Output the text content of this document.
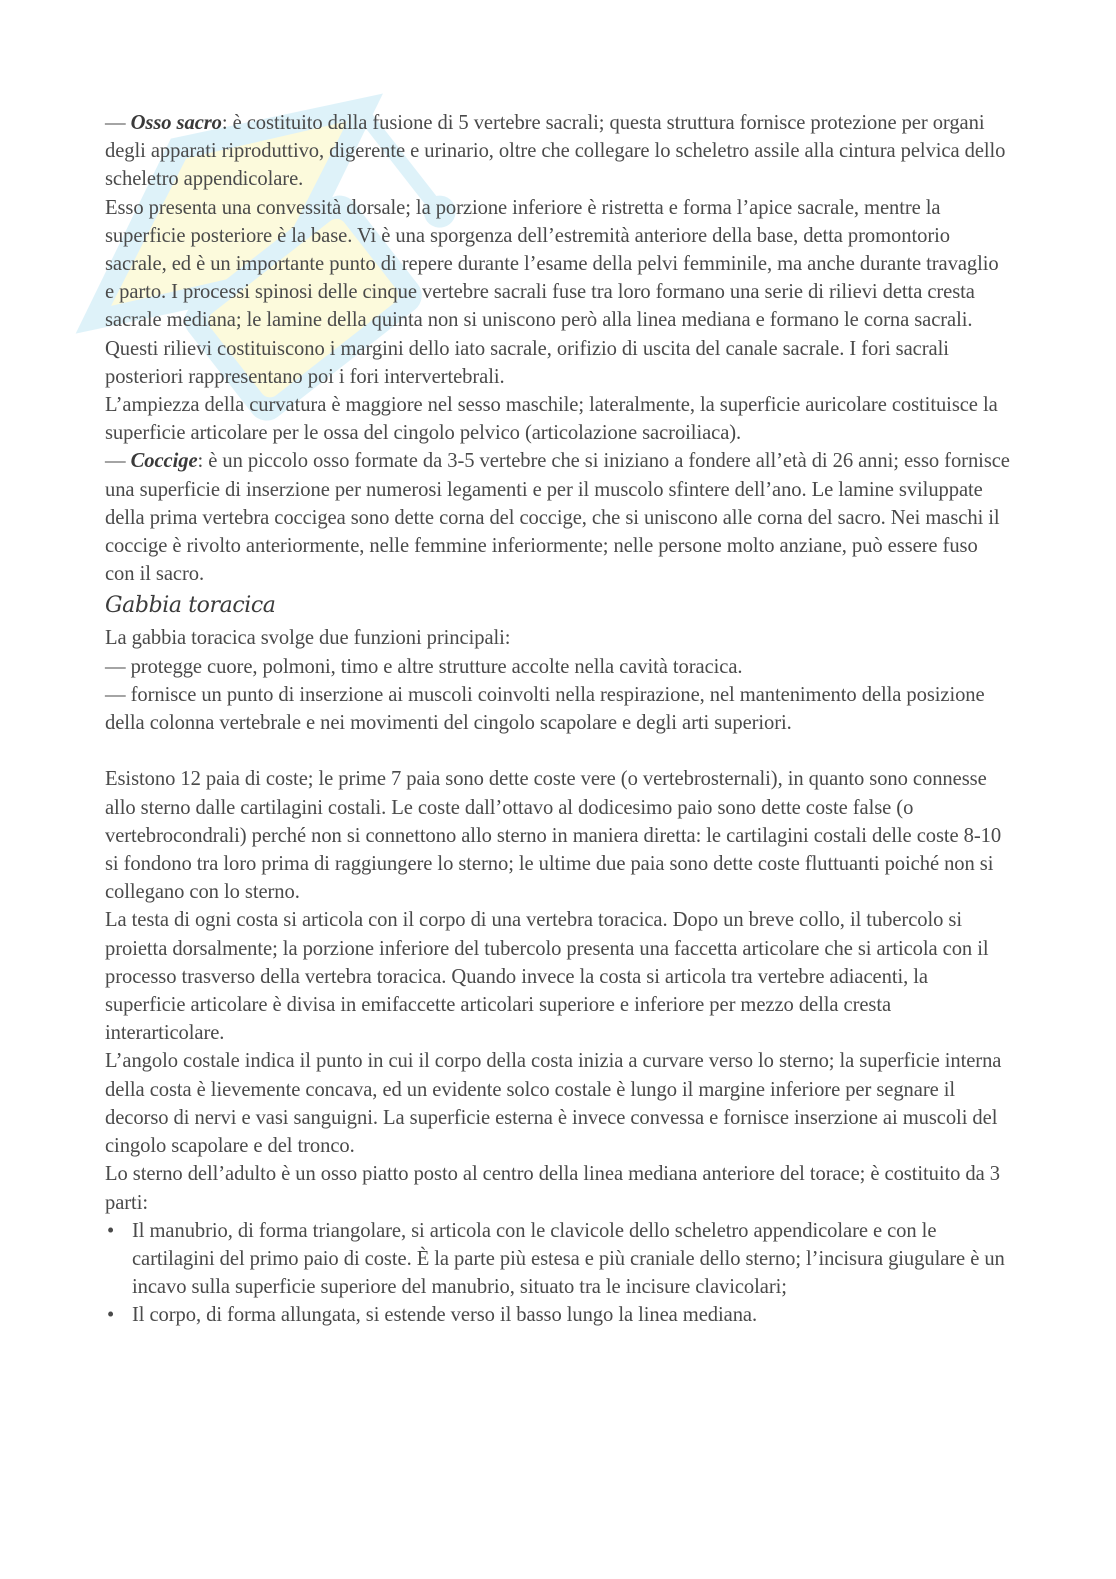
— Osso sacro: è costituito dalla fusione di 5 vertebre sacrali; questa struttura fornisce protezione per organi degli apparati riproduttivo, digerente e urinario, oltre che collegare lo scheletro assile alla cintura pelvica dello scheletro appendicolare.

Esso presenta una convessità dorsale; la porzione inferiore è ristretta e forma l’apice sacrale, mentre la superficie posteriore è la base. Vi è una sporgenza dell’estremità anteriore della base, detta promontorio sacrale, ed è un importante punto di repere durante l’esame della pelvi femminile, ma anche durante travaglio e parto. I processi spinosi delle cinque vertebre sacrali fuse tra loro formano una serie di rilievi detta cresta sacrale mediana; le lamine della quinta non si uniscono però alla linea mediana e formano le corna sacrali. Questi rilievi costituiscono i margini dello iato sacrale, orifizio di uscita del canale sacrale. I fori sacrali posteriori rappresentano poi i fori intervertebrali.

L’ampiezza della curvatura è maggiore nel sesso maschile; lateralmente, la superficie auricolare costituisce la superficie articolare per le ossa del cingolo pelvico (articolazione sacroiliaca).

— Coccige: è un piccolo osso formate da 3-5 vertebre che si iniziano a fondere all’età di 26 anni; esso fornisce una superficie di inserzione per numerosi legamenti e per il muscolo sfintere dell’ano. Le lamine sviluppate della prima vertebra coccigea sono dette corna del coccige, che si uniscono alle corna del sacro. Nei maschi il coccige è rivolto anteriormente, nelle femmine inferiormente; nelle persone molto anziane, può essere fuso con il sacro.

Gabbia toracica

La gabbia toracica svolge due funzioni principali:

— protegge cuore, polmoni, timo e altre strutture accolte nella cavità toracica.

— fornisce un punto di inserzione ai muscoli coinvolti nella respirazione, nel mantenimento della posizione della colonna vertebrale e nei movimenti del cingolo scapolare e degli arti superiori.

Esistono 12 paia di coste; le prime 7 paia sono dette coste vere (o vertebrosternali), in quanto sono connesse allo sterno dalle cartilagini costali. Le coste dall’ottavo al dodicesimo paio sono dette coste false (o vertebrocondrali) perché non si connettono allo sterno in maniera diretta: le cartilagini costali delle coste 8-10 si fondono tra loro prima di raggiungere lo sterno; le ultime due paia sono dette coste fluttuanti poiché non si collegano con lo sterno.

La testa di ogni costa si articola con il corpo di una vertebra toracica. Dopo un breve collo, il tubercolo si proietta dorsalmente; la porzione inferiore del tubercolo presenta una faccetta articolare che si articola con il processo trasverso della vertebra toracica. Quando invece la costa si articola tra vertebre adiacenti, la superficie articolare è divisa in emifaccette articolari superiore e inferiore per mezzo della cresta interarticolare.

L’angolo costale indica il punto in cui il corpo della costa inizia a curvare verso lo sterno; la superficie interna della costa è lievemente concava, ed un evidente solco costale è lungo il margine inferiore per segnare il decorso di nervi e vasi sanguigni. La superficie esterna è invece convessa e fornisce inserzione ai muscoli del cingolo scapolare e del tronco.

Lo sterno dell’adulto è un osso piatto posto al centro della linea mediana anteriore del torace; è costituito da 3 parti:

• Il manubrio, di forma triangolare, si articola con le clavicole dello scheletro appendicolare e con le cartilagini del primo paio di coste. È la parte più estesa e più craniale dello sterno; l’incisura giugulare è un incavo sulla superficie superiore del manubrio, situato tra le incisure clavicolari;
• Il corpo, di forma allungata, si estende verso il basso lungo la linea mediana.
